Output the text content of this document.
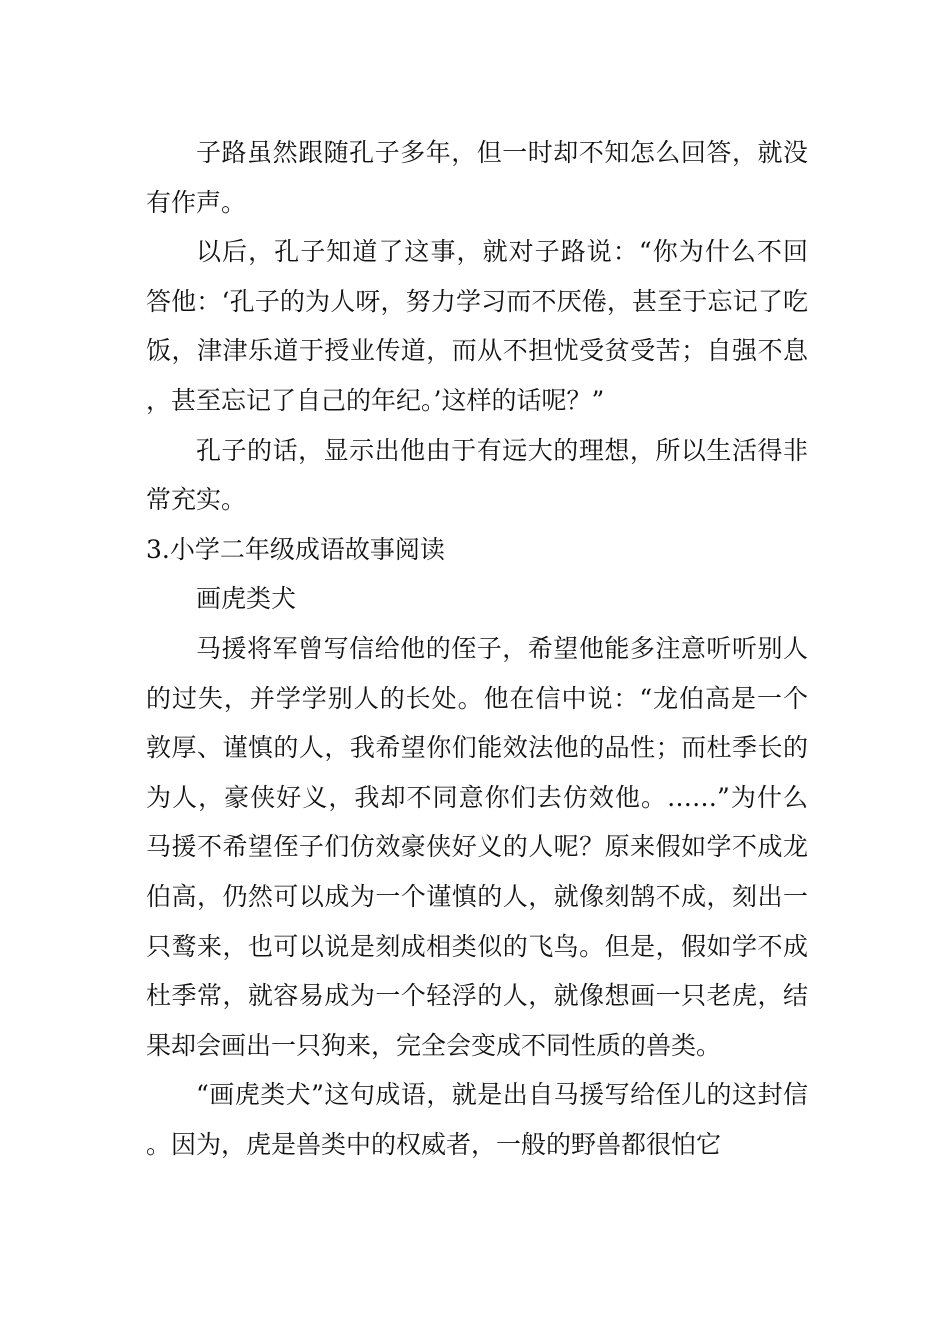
子路虽然跟随孔子多年，但一时却不知怎么回答，就没有作声。

以后，孔子知道了这事，就对子路说：“你为什么不回答他：‘孔子的为人呀，努力学习而不厌倦，甚至于忘记了吃饭，津津乐道于授业传道，而从不担忧受贫受苦；自强不息，甚至忘记了自己的年纪。’这样的话呢？”

孔子的话，显示出他由于有远大的理想，所以生活得非常充实。

3.小学二年级成语故事阅读

画虎类犬

马援将军曾写信给他的侄子，希望他能多注意听听别人的过失，并学学别人的长处。他在信中说：“龙伯高是一个敦厚、谨慎的人，我希望你们能效法他的品性；而杜季长的为人，豪侠好义，我却不同意你们去仿效他。……”为什么马援不希望侄子们仿效豪侠好义的人呢？原来假如学不成龙伯高，仍然可以成为一个谨慎的人，就像刻鹄不成，刻出一只鹜来，也可以说是刻成相类似的飞鸟。但是，假如学不成杜季常，就容易成为一个轻浮的人，就像想画一只老虎，结果却会画出一只狗来，完全会变成不同性质的兽类。

“画虎类犬”这句成语，就是出自马援写给侄儿的这封信。因为，虎是兽类中的权威者，一般的野兽都很怕它
